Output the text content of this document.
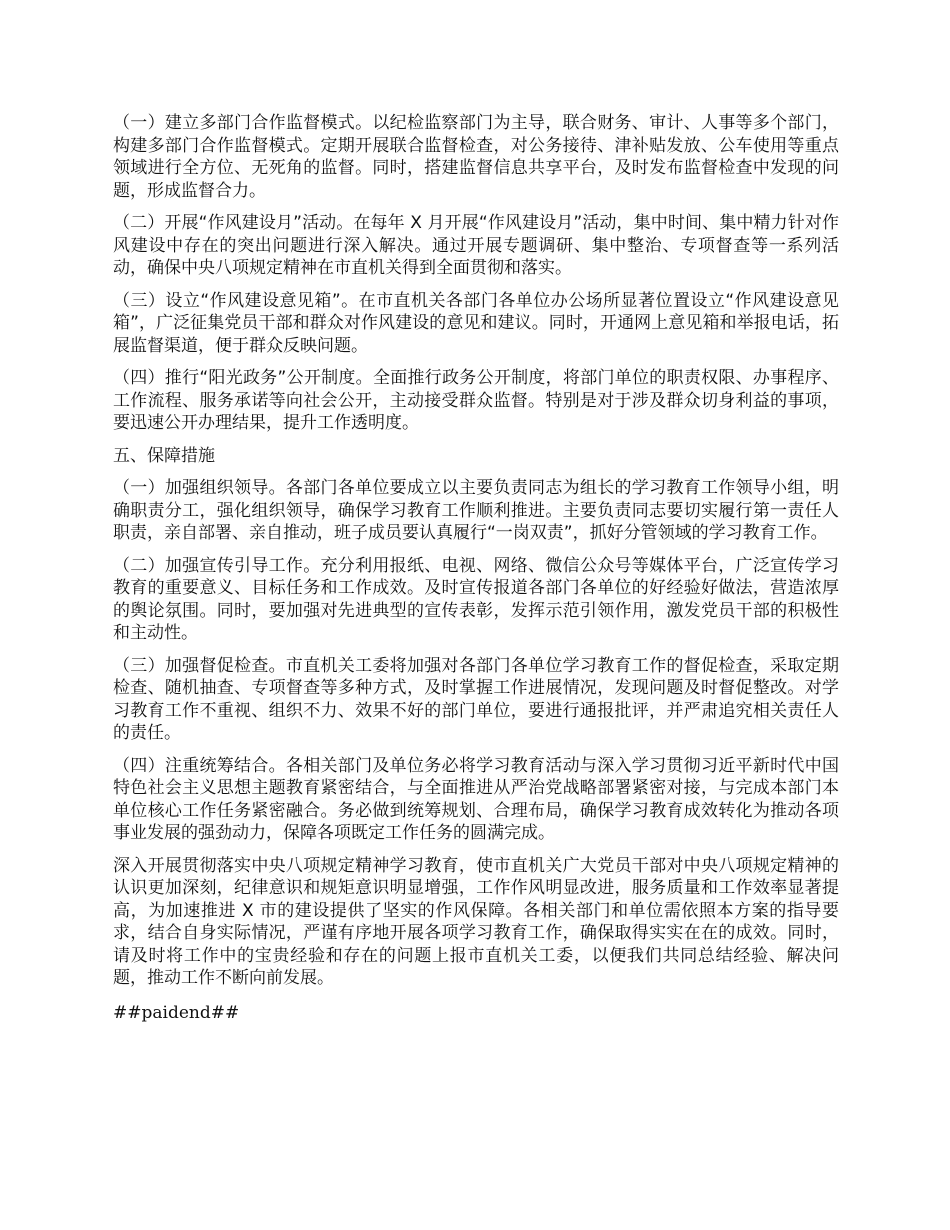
（一）建立多部门合作监督模式。以纪检监察部门为主导，联合财务、审计、人事等多个部门，构建多部门合作监督模式。定期开展联合监督检查，对公务接待、津补贴发放、公车使用等重点领域进行全方位、无死角的监督。同时，搭建监督信息共享平台，及时发布监督检查中发现的问题，形成监督合力。

（二）开展“作风建设月”活动。在每年 X 月开展“作风建设月”活动，集中时间、集中精力针对作风建设中存在的突出问题进行深入解决。通过开展专题调研、集中整治、专项督查等一系列活动，确保中央八项规定精神在市直机关得到全面贯彻和落实。

（三）设立“作风建设意见箱”。在市直机关各部门各单位办公场所显著位置设立“作风建设意见箱”，广泛征集党员干部和群众对作风建设的意见和建议。同时，开通网上意见箱和举报电话，拓展监督渠道，便于群众反映问题。

（四）推行“阳光政务”公开制度。全面推行政务公开制度，将部门单位的职责权限、办事程序、工作流程、服务承诺等向社会公开，主动接受群众监督。特别是对于涉及群众切身利益的事项，要迅速公开办理结果，提升工作透明度。

五、保障措施

（一）加强组织领导。各部门各单位要成立以主要负责同志为组长的学习教育工作领导小组，明确职责分工，强化组织领导，确保学习教育工作顺利推进。主要负责同志要切实履行第一责任人职责，亲自部署、亲自推动，班子成员要认真履行“一岗双责”，抓好分管领域的学习教育工作。

（二）加强宣传引导工作。充分利用报纸、电视、网络、微信公众号等媒体平台，广泛宣传学习教育的重要意义、目标任务和工作成效。及时宣传报道各部门各单位的好经验好做法，营造浓厚的舆论氛围。同时，要加强对先进典型的宣传表彰，发挥示范引领作用，激发党员干部的积极性和主动性。

（三）加强督促检查。市直机关工委将加强对各部门各单位学习教育工作的督促检查，采取定期检查、随机抽查、专项督查等多种方式，及时掌握工作进展情况，发现问题及时督促整改。对学习教育工作不重视、组织不力、效果不好的部门单位，要进行通报批评，并严肃追究相关责任人的责任。

（四）注重统筹结合。各相关部门及单位务必将学习教育活动与深入学习贯彻习近平新时代中国特色社会主义思想主题教育紧密结合，与全面推进从严治党战略部署紧密对接，与完成本部门本单位核心工作任务紧密融合。务必做到统筹规划、合理布局，确保学习教育成效转化为推动各项事业发展的强劲动力，保障各项既定工作任务的圆满完成。

深入开展贯彻落实中央八项规定精神学习教育，使市直机关广大党员干部对中央八项规定精神的认识更加深刻，纪律意识和规矩意识明显增强，工作作风明显改进，服务质量和工作效率显著提高，为加速推进 X 市的建设提供了坚实的作风保障。各相关部门和单位需依照本方案的指导要求，结合自身实际情况，严谨有序地开展各项学习教育工作，确保取得实实在在的成效。同时，请及时将工作中的宝贵经验和存在的问题上报市直机关工委，以便我们共同总结经验、解决问题，推动工作不断向前发展。

##paidend##
